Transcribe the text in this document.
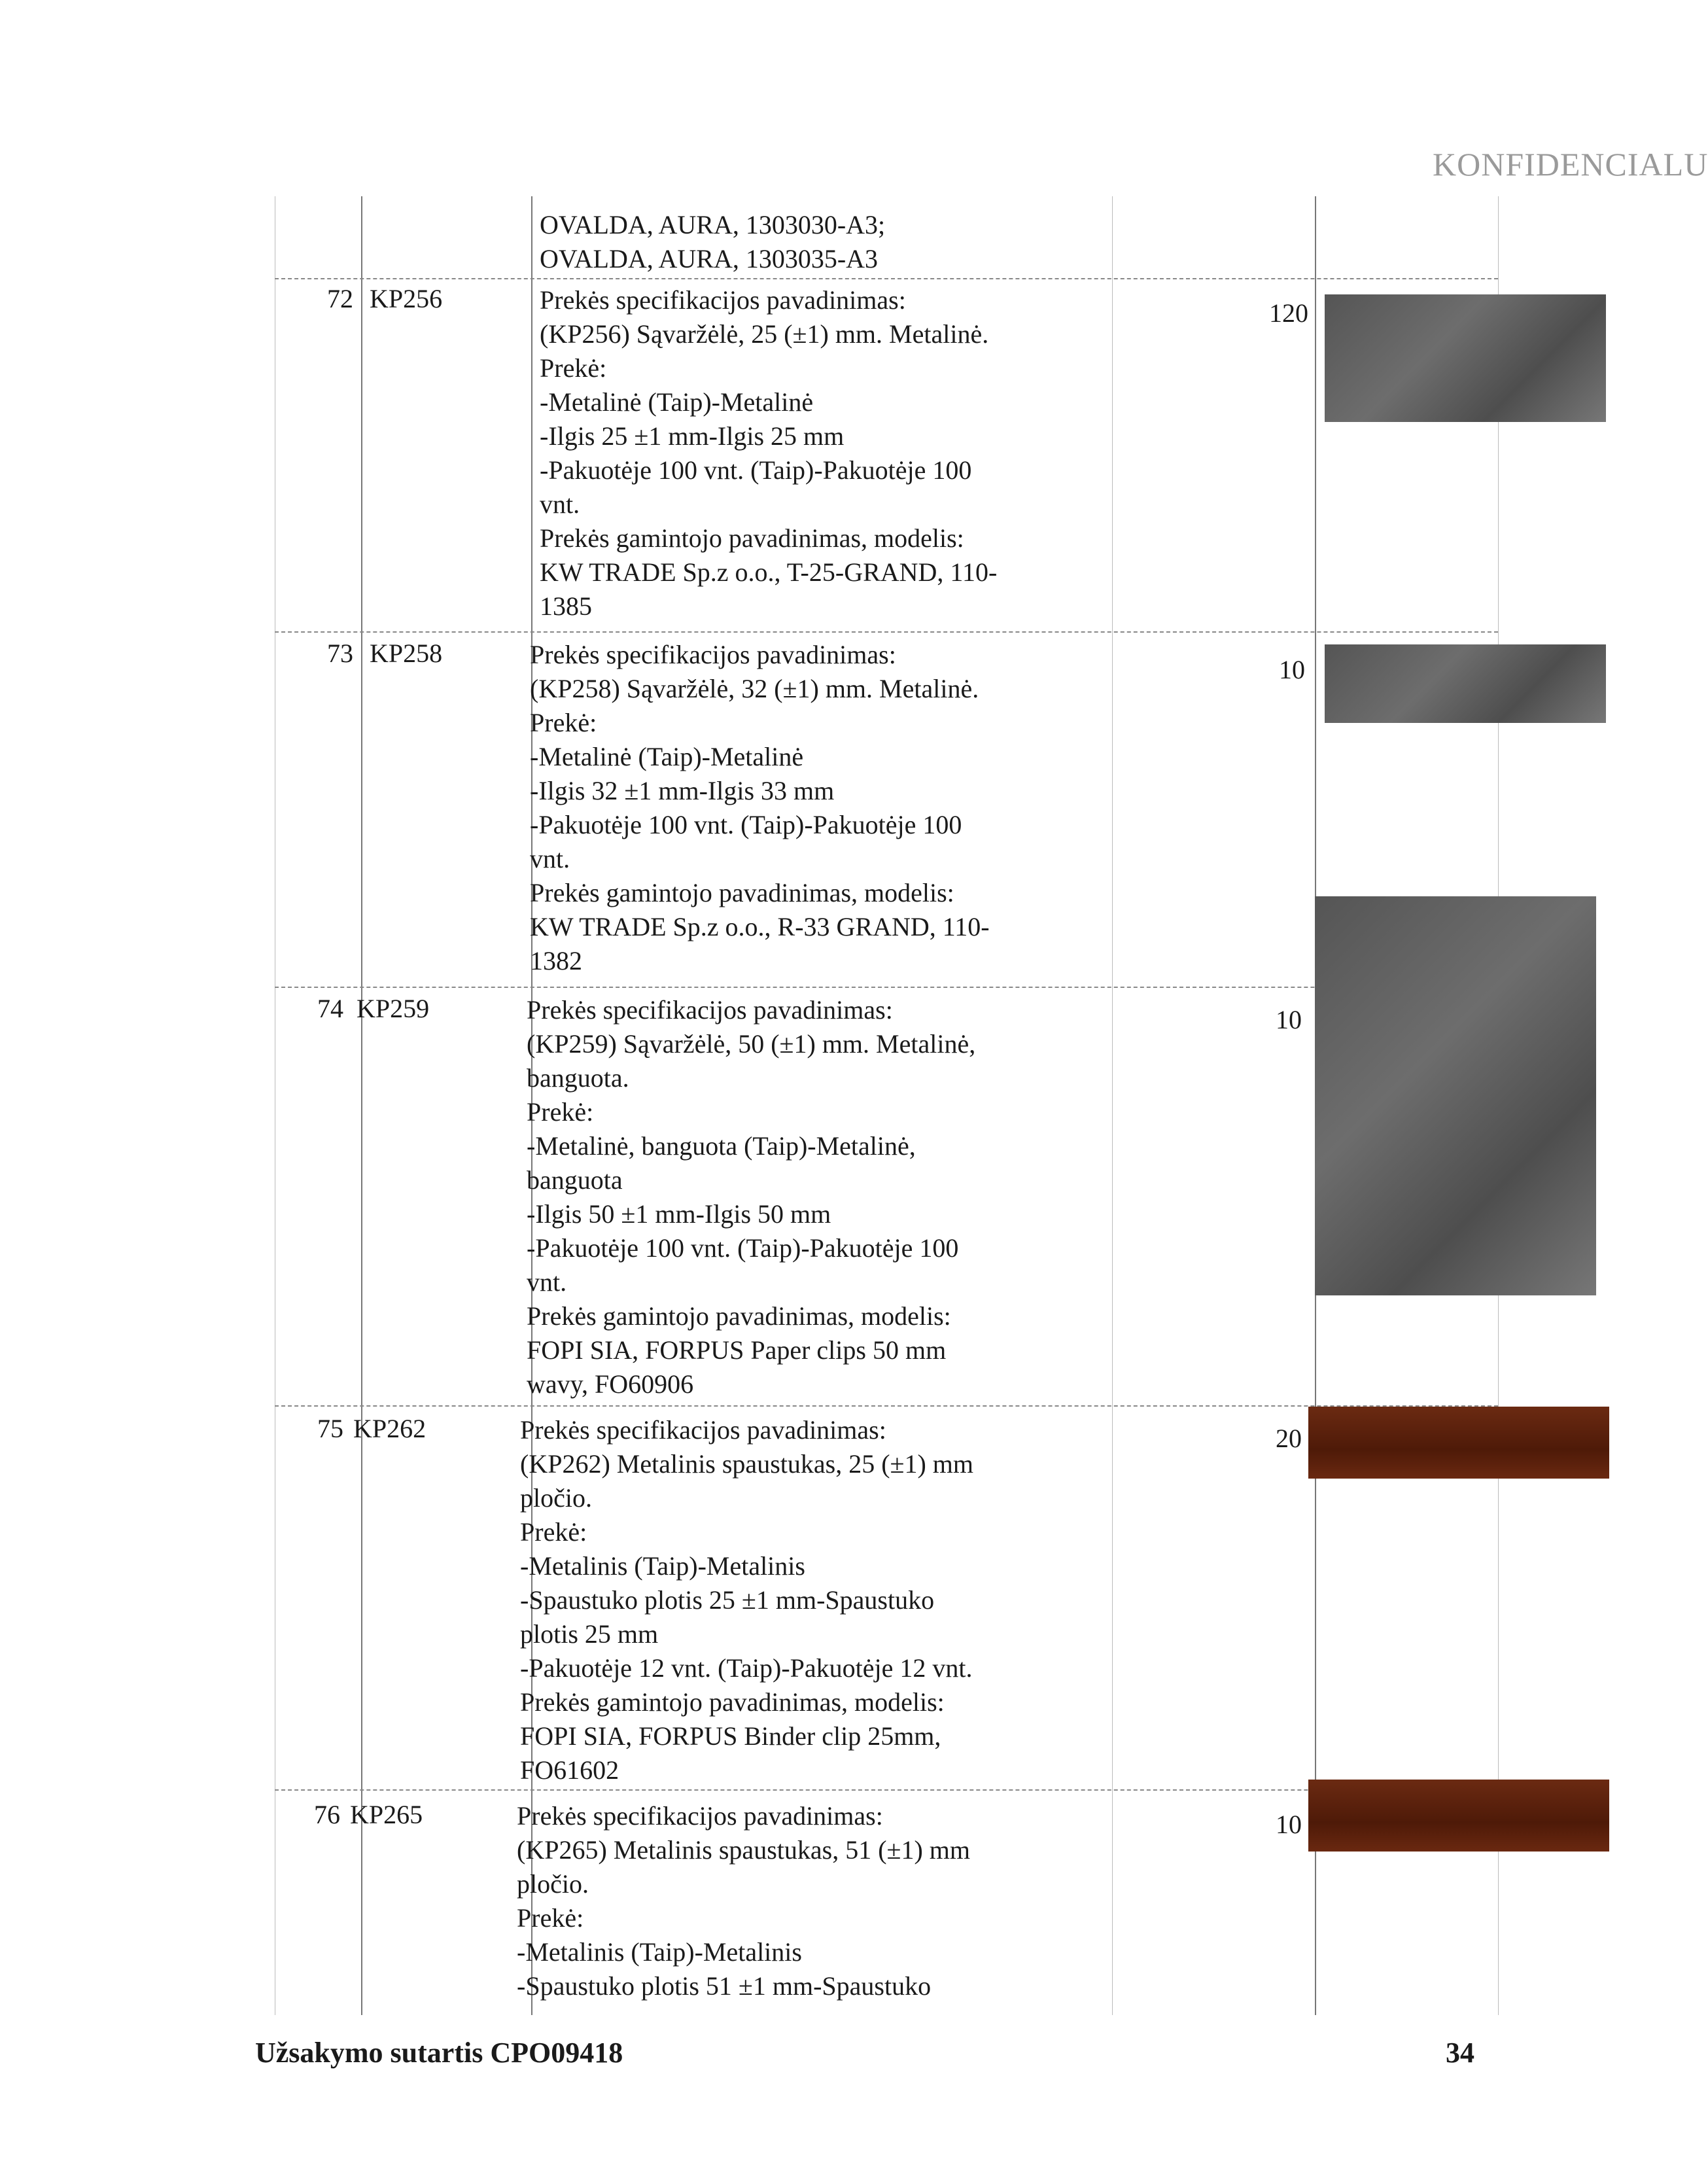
KONFIDENCIALU
OVALDA, AURA, 1303030-A3;
OVALDA, AURA, 1303035-A3
72 KP256	Prekės specifikacijos pavadinimas:
(KP256) Sąvaržėlė, 25 (±1) mm. Metalinė.
Prekė:
-Metalinė (Taip)-Metalinė
-Ilgis 25 ±1 mm-Ilgis 25 mm
-Pakuotėje 100 vnt. (Taip)-Pakuotėje 100
vnt.
Prekės gamintojo pavadinimas, modelis:
KW TRADE Sp.z o.o., T-25-GRAND, 110-
1385
120
73 KP258	Prekės specifikacijos pavadinimas:
(KP258) Sąvaržėlė, 32 (±1) mm. Metalinė.
Prekė:
-Metalinė (Taip)-Metalinė
-Ilgis 32 ±1 mm-Ilgis 33 mm
-Pakuotėje 100 vnt. (Taip)-Pakuotėje 100
vnt.
Prekės gamintojo pavadinimas, modelis:
KW TRADE Sp.z o.o., R-33 GRAND, 110-
1382
10
74 KP259	Prekės specifikacijos pavadinimas:
(KP259) Sąvaržėlė, 50 (±1) mm. Metalinė,
banguota.
Prekė:
-Metalinė, banguota (Taip)-Metalinė,
banguota
-Ilgis 50 ±1 mm-Ilgis 50 mm
-Pakuotėje 100 vnt. (Taip)-Pakuotėje 100
vnt.
Prekės gamintojo pavadinimas, modelis:
FOPI SIA, FORPUS Paper clips 50 mm
wavy, FO60906
10
75 KP262	Prekės specifikacijos pavadinimas:
(KP262) Metalinis spaustukas, 25 (±1) mm
pločio.
Prekė:
-Metalinis (Taip)-Metalinis
-Spaustuko plotis 25 ±1 mm-Spaustuko
plotis 25 mm
-Pakuotėje 12 vnt. (Taip)-Pakuotėje 12 vnt.
Prekės gamintojo pavadinimas, modelis:
FOPI SIA, FORPUS Binder clip 25mm,
FO61602
20
76 KP265	Prekės specifikacijos pavadinimas:
(KP265) Metalinis spaustukas, 51 (±1) mm
pločio.
Prekė:
-Metalinis (Taip)-Metalinis
-Spaustuko plotis 51 ±1 mm-Spaustuko
10
Užsakymo sutartis CPO09418	34
